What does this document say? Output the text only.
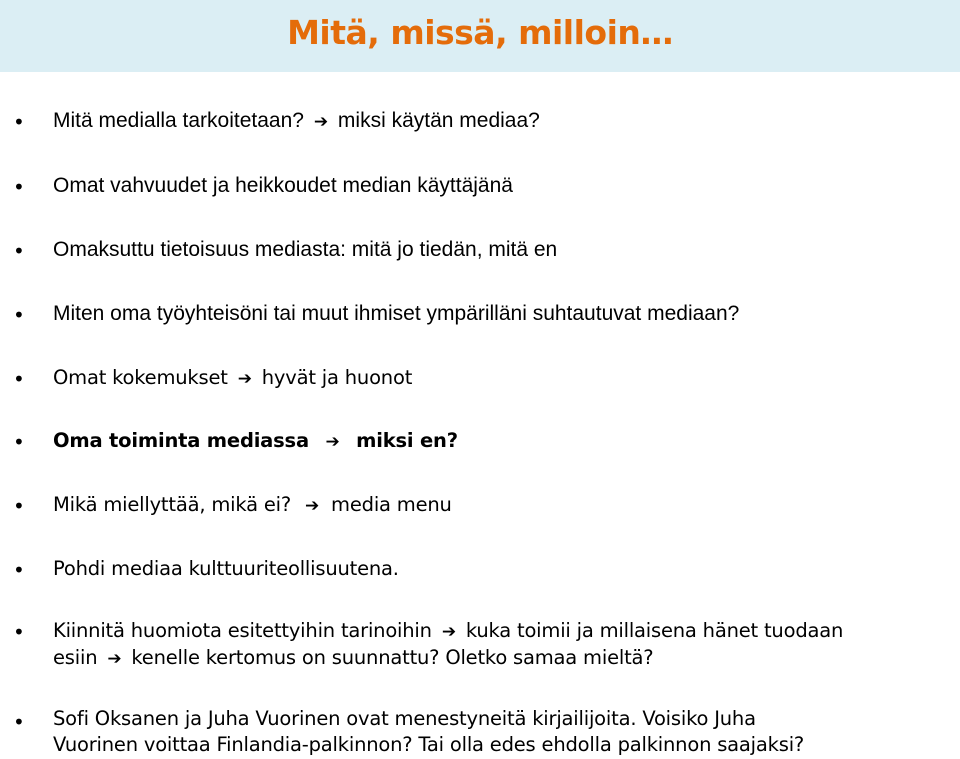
Mitä, missä, milloin…
• Mitä medialla tarkoitetaan? ➔ miksi käytän mediaa?
• Omat vahvuudet ja heikkoudet median käyttäjänä
• Omaksuttu tietoisuus mediasta: mitä jo tiedän, mitä en
• Miten oma työyhteisöni tai muut ihmiset ympärilläni suhtautuvat mediaan?
• Omat kokemukset ➔ hyvät ja huonot
• Oma toiminta mediassa ➔ miksi en?
• Mikä miellyttää, mikä ei? ➔ media menu
• Pohdi mediaa kulttuuriteollisuutena.
• Kiinnitä huomiota esitettyihin tarinoihin ➔ kuka toimii ja millaisena hänet tuodaan
esiin ➔ kenelle kertomus on suunnattu? Oletko samaa mieltä?
• Sofi Oksanen ja Juha Vuorinen ovat menestyneitä kirjailijoita. Voisiko Juha
Vuorinen voittaa Finlandia-palkinnon? Tai olla edes ehdolla palkinnon saajaksi?
